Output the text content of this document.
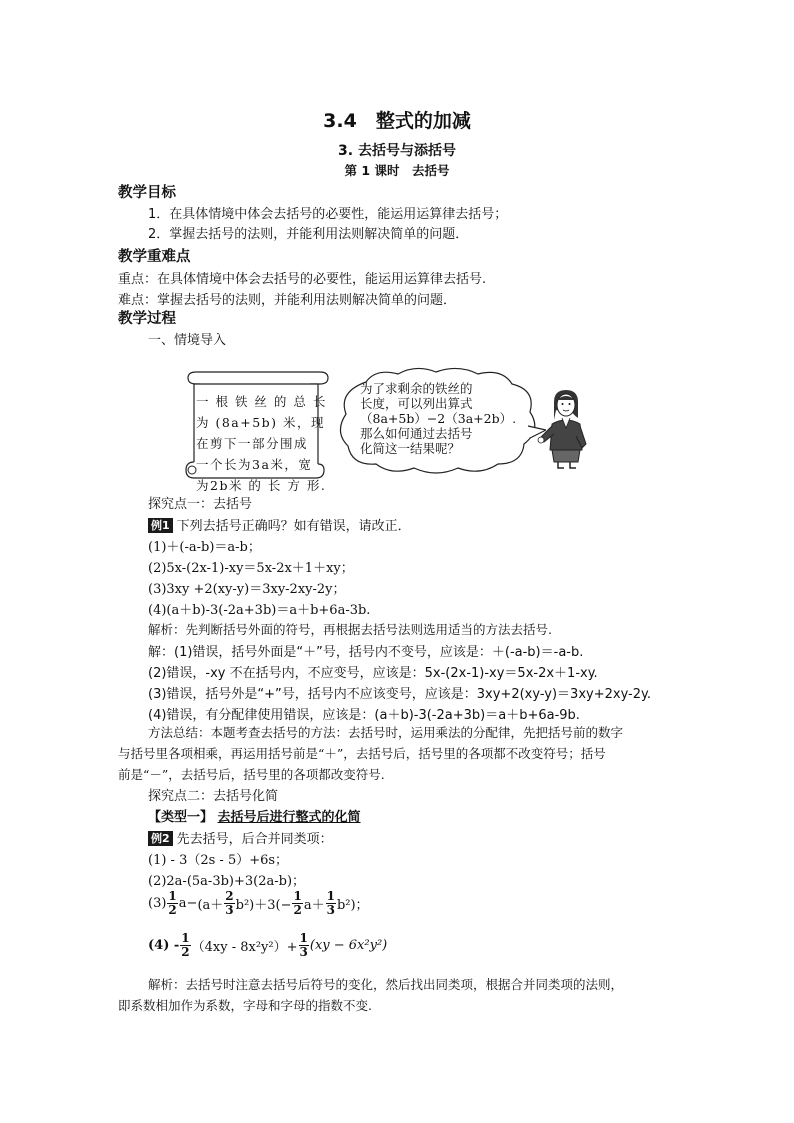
3.4　整式的加减
3. 去括号与添括号
第 1 课时　去括号
教学目标
1．在具体情境中体会去括号的必要性，能运用运算律去括号；
2．掌握去括号的法则，并能利用法则解决简单的问题．
教学重难点
重点：在具体情境中体会去括号的必要性，能运用运算律去括号.
难点：掌握去括号的法则，并能利用法则解决简单的问题．
教学过程
一、情境导入
一 根 铁 丝 的 总 长
为 (8a+5b) 米，现
在剪下一部分围成
一个长为3a米，宽
为2b米 的 长 方 形.
为了求剩余的铁丝的
长度，可以列出算式
（8a+5b）−2（3a+2b）.
那么如何通过去括号
化简这一结果呢？
探究点一：去括号
例1 下列去括号正确吗？如有错误，请改正．
(1)＋(-a-b)＝a-b；
(2)5x-(2x-1)-xy＝5x-2x＋1＋xy；
(3)3xy +2(xy-y)＝3xy-2xy-2y；
(4)(a＋b)-3(-2a+3b)＝a＋b+6a-3b.
解析：先判断括号外面的符号，再根据去括号法则选用适当的方法去括号.
解：(1)错误，括号外面是“＋”号，括号内不变号，应该是：＋(-a-b)＝-a-b.
(2)错误，-xy 不在括号内，不应变号，应该是：5x-(2x-1)-xy＝5x-2x＋1-xy.
(3)错误，括号外是“+”号，括号内不应该变号，应该是：3xy+2(xy-y)＝3xy+2xy-2y.
(4)错误，有分配律使用错误，应该是：(a＋b)-3(-2a+3b)＝a＋b+6a-9b.
方法总结：本题考查去括号的方法：去括号时，运用乘法的分配律，先把括号前的数字
与括号里各项相乘，再运用括号前是“＋”，去括号后，括号里的各项都不改变符号；括号
前是“－”，去括号后，括号里的各项都改变符号.
探究点二：去括号化简
【类型一】 去括号后进行整式的化简
例2 先去括号，后合并同类项：
(1) - 3（2s - 5）+6s；
(2)2a-(5a-3b)+3(2a-b)；
$(3) \frac{1}{2} a- (a+ \frac{2}{3} b^2)+3(- \frac{1}{2} a+ \frac{1}{3} b^2)$；
$(4) - \frac{1}{2} (4xy - 8x^2y^2)+ \frac{1}{3} (xy - 6x^2y^2)$
解析：去括号时注意去括号后符号的变化，然后找出同类项，根据合并同类项的法则，
即系数相加作为系数，字母和字母的指数不变.
